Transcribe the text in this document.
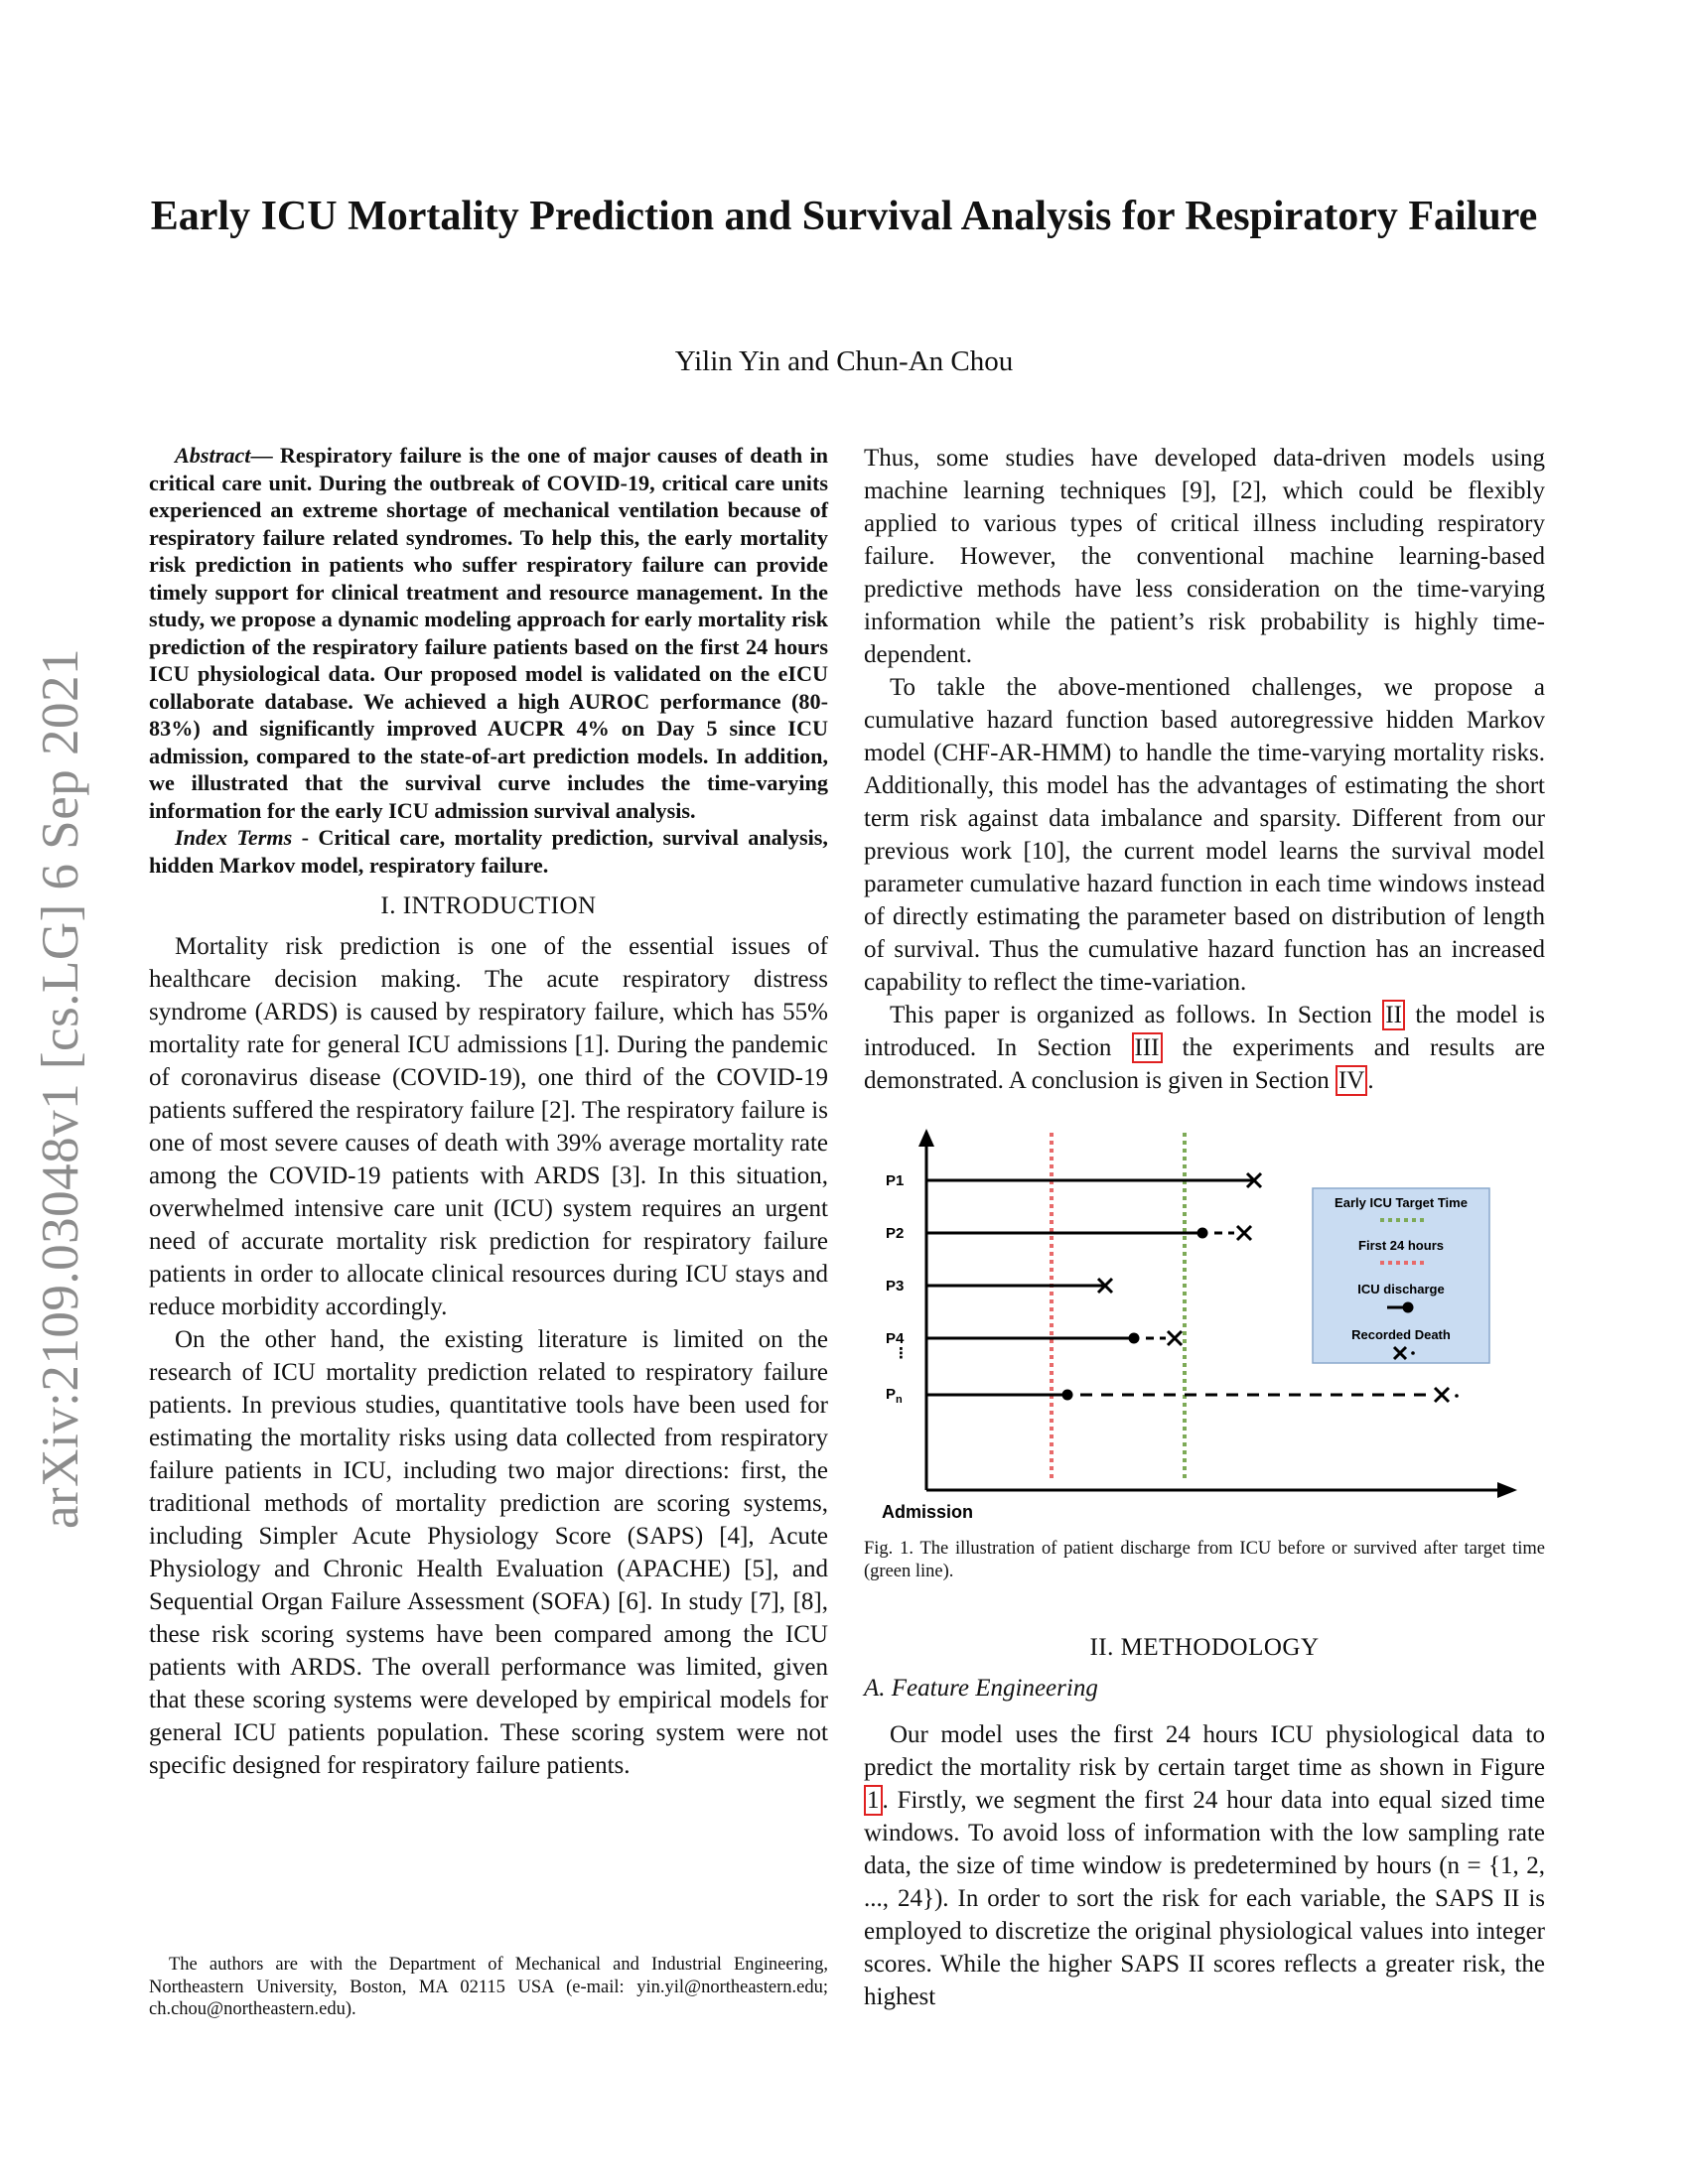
arXiv:2109.03048v1 [cs.LG] 6 Sep 2021
Early ICU Mortality Prediction and Survival Analysis for Respiratory Failure
Yilin Yin and Chun-An Chou

Abstract— Respiratory failure is the one of major causes of death in critical care unit. During the outbreak of COVID-19, critical care units experienced an extreme shortage of mechanical ventilation because of respiratory failure related syndromes. To help this, the early mortality risk prediction in patients who suffer respiratory failure can provide timely support for clinical treatment and resource management. In the study, we propose a dynamic modeling approach for early mortality risk prediction of the respiratory failure patients based on the first 24 hours ICU physiological data. Our proposed model is validated on the eICU collaborate database. We achieved a high AUROC performance (80-83%) and significantly improved AUCPR 4% on Day 5 since ICU admission, compared to the state-of-art prediction models. In addition, we illustrated that the survival curve includes the time-varying information for the early ICU admission survival analysis.

Index Terms - Critical care, mortality prediction, survival analysis, hidden Markov model, respiratory failure.

I. INTRODUCTION

Mortality risk prediction is one of the essential issues of healthcare decision making. The acute respiratory distress syndrome (ARDS) is caused by respiratory failure, which has 55% mortality rate for general ICU admissions [1]. During the pandemic of coronavirus disease (COVID-19), one third of the COVID-19 patients suffered the respiratory failure [2]. The respiratory failure is one of most severe causes of death with 39% average mortality rate among the COVID-19 patients with ARDS [3]. In this situation, overwhelmed intensive care unit (ICU) system requires an urgent need of accurate mortality risk prediction for respiratory failure patients in order to allocate clinical resources during ICU stays and reduce morbidity accordingly.

On the other hand, the existing literature is limited on the research of ICU mortality prediction related to respiratory failure patients. In previous studies, quantitative tools have been used for estimating the mortality risks using data collected from respiratory failure patients in ICU, including two major directions: first, the traditional methods of mortality prediction are scoring systems, including Simpler Acute Physiology Score (SAPS) [4], Acute Physiology and Chronic Health Evaluation (APACHE) [5], and Sequential Organ Failure Assessment (SOFA) [6]. In study [7], [8], these risk scoring systems have been compared among the ICU patients with ARDS. The overall performance was limited, given that these scoring systems were developed by empirical models for general ICU patients population. These scoring system were not specific designed for respiratory failure patients.

The authors are with the Department of Mechanical and Industrial Engineering, Northeastern University, Boston, MA 02115 USA (e-mail: yin.yil@northeastern.edu; ch.chou@northeastern.edu).

Thus, some studies have developed data-driven models using machine learning techniques [9], [2], which could be flexibly applied to various types of critical illness including respiratory failure. However, the conventional machine learning-based predictive methods have less consideration on the time-varying information while the patient’s risk probability is highly time-dependent.

To takle the above-mentioned challenges, we propose a cumulative hazard function based autoregressive hidden Markov model (CHF-AR-HMM) to handle the time-varying mortality risks. Additionally, this model has the advantages of estimating the short term risk against data imbalance and sparsity. Different from our previous work [10], the current model learns the survival model parameter cumulative hazard function in each time windows instead of directly estimating the parameter based on distribution of length of survival. Thus the cumulative hazard function has an increased capability to reflect the time-variation.

This paper is organized as follows. In Section II the model is introduced. In Section III the experiments and results are demonstrated. A conclusion is given in Section IV .

Admission
P1
P2
P3
P4
⋮
$P_n$
Early ICU Target Time
First 24 hours
ICU discharge
Recorded Death
Fig. 1. The illustration of patient discharge from ICU before or survived after target time (green line).
II. METHODOLOGY
A. Feature Engineering

Our model uses the first 24 hours ICU physiological data to predict the mortality risk by certain target time as shown in Figure 1 . Firstly, we segment the first 24 hour data into equal sized time windows. To avoid loss of information with the low sampling rate data, the size of time window is predetermined by hours (n = {1, 2, ..., 24}). In order to sort the risk for each variable, the SAPS II is employed to discretize the original physiological values into integer scores. While the higher SAPS II scores reflects a greater risk, the highest
